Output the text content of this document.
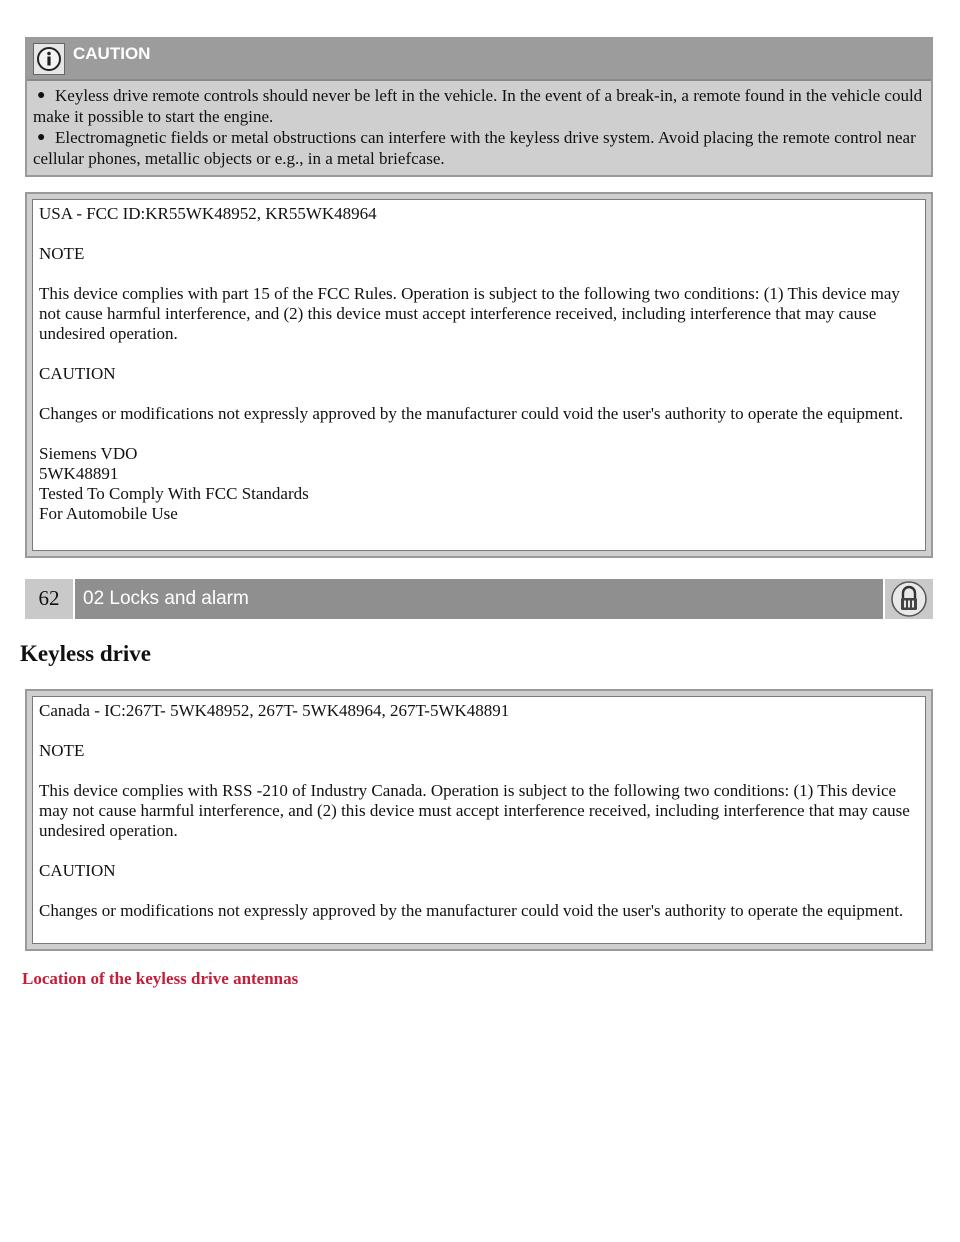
CAUTION
● Keyless drive remote controls should never be left in the vehicle. In the event of a break-in, a remote found in the vehicle could make it possible to start the engine.
● Electromagnetic fields or metal obstructions can interfere with the keyless drive system. Avoid placing the remote control near cellular phones, metallic objects or e.g., in a metal briefcase.

USA - FCC ID:KR55WK48952, KR55WK48964

NOTE

This device complies with part 15 of the FCC Rules. Operation is subject to the following two conditions: (1) This device may not cause harmful interference, and (2) this device must accept interference received, including interference that may cause undesired operation.

CAUTION

Changes or modifications not expressly approved by the manufacturer could void the user's authority to operate the equipment.

Siemens VDO
5WK48891
Tested To Comply With FCC Standards
For Automobile Use

62	02 Locks and alarm
Keyless drive

Canada - IC:267T- 5WK48952, 267T- 5WK48964, 267T-5WK48891

NOTE

This device complies with RSS -210 of Industry Canada. Operation is subject to the following two conditions: (1) This device may not cause harmful interference, and (2) this device must accept interference received, including interference that may cause undesired operation.

CAUTION

Changes or modifications not expressly approved by the manufacturer could void the user's authority to operate the equipment.

Location of the keyless drive antennas
